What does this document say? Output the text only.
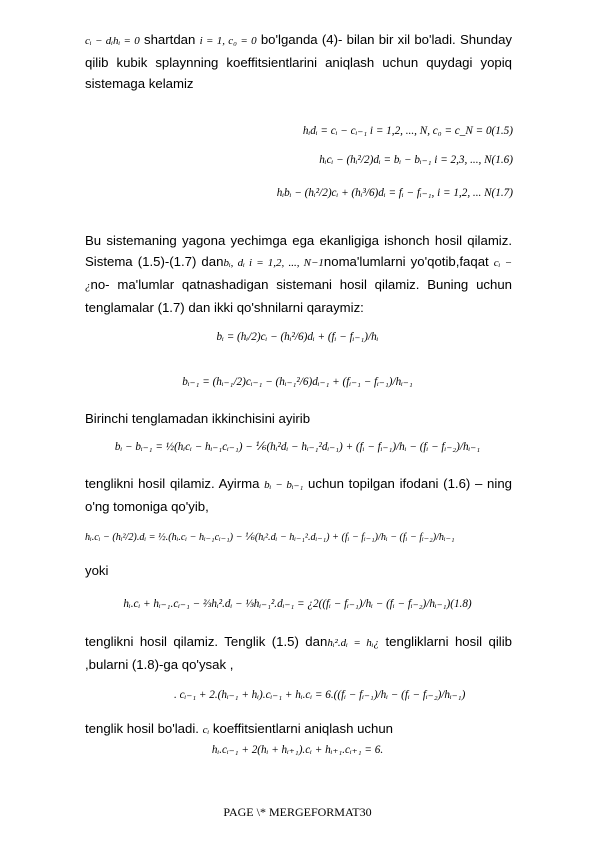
cᵢ − dᵢhᵢ = 0 shartdan i = 1, c₀ = 0 bo'lganda (4)- bilan bir xil bo'ladi. Shunday qilib kubik splaynning koeffitsientlarini aniqlash uchun quydagi yopiq sistemaga kelamiz

hᵢdᵢ = cᵢ − cᵢ₋₁ i = 1,2, ..., N, c₀ = c_N = 0(1.5)
hᵢcᵢ − (hᵢ²/2)dᵢ = bᵢ − bᵢ₋₁ i = 2,3, ..., N(1.6)
hᵢbᵢ − (hᵢ²/2)cᵢ + (hᵢ³/6)dᵢ = fᵢ − fᵢ₋₁, i = 1,2, ... N(1.7)

Bu sistemaning yagona yechimga ega ekanligiga ishonch hosil qilamiz. Sistema (1.5)-(1.7) danbᵢ, dᵢ i = 1,2, ..., N−1noma'lumlarni yo'qotib,faqat cᵢ − ¿no- ma'lumlar qatnashadigan sistemani hosil qilamiz. Buning uchun tenglamalar (1.7) dan ikki qo'shnilarni qaraymiz:

bᵢ = (hᵢ/2)cᵢ − (hᵢ²/6)dᵢ + (fᵢ − fᵢ₋₁)/hᵢ
bᵢ₋₁ = (hᵢ₋₁/2)cᵢ₋₁ − (hᵢ₋₁²/6)dᵢ₋₁ + (fᵢ₋₁ − fᵢ₋₁)/hᵢ₋₁

Birinchi tenglamadan ikkinchisini ayirib

bᵢ − bᵢ₋₁ = ½(hᵢcᵢ − hᵢ₋₁cᵢ₋₁) − ⅙(hᵢ²dᵢ − hᵢ₋₁²dᵢ₋₁) + (fᵢ − fᵢ₋₁)/hᵢ − (fᵢ − fᵢ₋₂)/hᵢ₋₁

tenglikni hosil qilamiz. Ayirma bᵢ − bᵢ₋₁ uchun topilgan ifodani (1.6) – ning o'ng tomoniga qo'yib,

hᵢ.cᵢ − (hᵢ²/2).dᵢ = ½.(hᵢ.cᵢ − hᵢ₋₁cᵢ₋₁) − ⅙(hᵢ².dᵢ − hᵢ₋₁².dᵢ₋₁) + (fᵢ − fᵢ₋₁)/hᵢ − (fᵢ − fᵢ₋₂)/hᵢ₋₁

yoki

hᵢ.cᵢ + hᵢ₋₁.cᵢ₋₁ − ⅔hᵢ².dᵢ − ⅓hᵢ₋₁².dᵢ₋₁ = ¿2((fᵢ − fᵢ₋₁)/hᵢ − (fᵢ − fᵢ₋₂)/hᵢ₋₁)(1.8)

tenglikni hosil qilamiz. Tenglik (1.5) danhᵢ².dᵢ = hᵢ¿ tengliklarni hosil qilib ,bularni (1.8)-ga qo'ysak ,

. cᵢ₋₁ + 2.(hᵢ₋₁ + hᵢ).cᵢ₋₁ + hᵢ.cᵢ = 6.((fᵢ − fᵢ₋₁)/hᵢ − (fᵢ − fᵢ₋₂)/hᵢ₋₁)

tenglik hosil bo'ladi. cᵢ koeffitsientlarni aniqlash uchun

hᵢ.cᵢ₋₁ + 2(hᵢ + hᵢ₊₁).cᵢ + hᵢ₊₁.cᵢ₊₁ = 6.
PAGE \* MERGEFORMAT30
